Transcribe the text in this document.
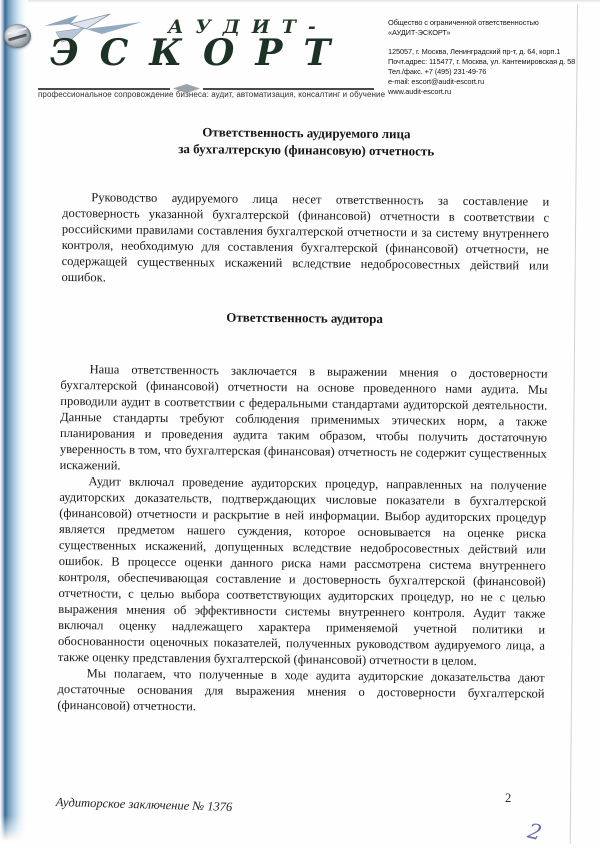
АУДИТ-
ЭСКОРТ
профессиональное сопровождение бизнеса: аудит, автоматизация, консалтинг и обучение
Общество с ограниченной ответственностью
«АУДИТ-ЭСКОРТ»
125057, г. Москва, Ленинградский пр-т, д. 64, корп.1
Почт.адрес: 115477, г. Москва, ул. Кантемировская д. 58
Тел./факс. +7 (495) 231-49-76
e-mail: escort@audit-escort.ru
www.audit-escort.ru
Ответственность аудируемого лица
за бухгалтерскую (финансовую) отчетность

Руководство аудируемого лица несет ответственность за составление и достоверность указанной бухгалтерской (финансовой) отчетности в соответствии с российскими правилами составления бухгалтерской отчетности и за систему внутреннего контроля, необходимую для составления бухгалтерской (финансовой) отчетности, не содержащей существенных искажений вследствие недобросовестных действий или ошибок.

Ответственность аудитора

Наша ответственность заключается в выражении мнения о достоверности бухгалтерской (финансовой) отчетности на основе проведенного нами аудита. Мы проводили аудит в соответствии с федеральными стандартами аудиторской деятельности. Данные стандарты требуют соблюдения применимых этических норм, а также планирования и проведения аудита таким образом, чтобы получить достаточную уверенность в том, что бухгалтерская (финансовая) отчетность не содержит существенных искажений.

Аудит включал проведение аудиторских процедур, направленных на получение аудиторских доказательств, подтверждающих числовые показатели в бухгалтерской (финансовой) отчетности и раскрытие в ней информации. Выбор аудиторских процедур является предметом нашего суждения, которое основывается на оценке риска существенных искажений, допущенных вследствие недобросовестных действий или ошибок. В процессе оценки данного риска нами рассмотрена система внутреннего контроля, обеспечивающая составление и достоверность бухгалтерской (финансовой) отчетности, с целью выбора соответствующих аудиторских процедур, но не с целью выражения мнения об эффективности системы внутреннего контроля. Аудит также включал оценку надлежащего характера применяемой учетной политики и обоснованности оценочных показателей, полученных руководством аудируемого лица, а также оценку представления бухгалтерской (финансовой) отчетности в целом.

Мы полагаем, что полученные в ходе аудита аудиторские доказательства дают достаточные основания для выражения мнения о достоверности бухгалтерской (финансовой) отчетности.

Аудиторское заключение № 1376	2
2
